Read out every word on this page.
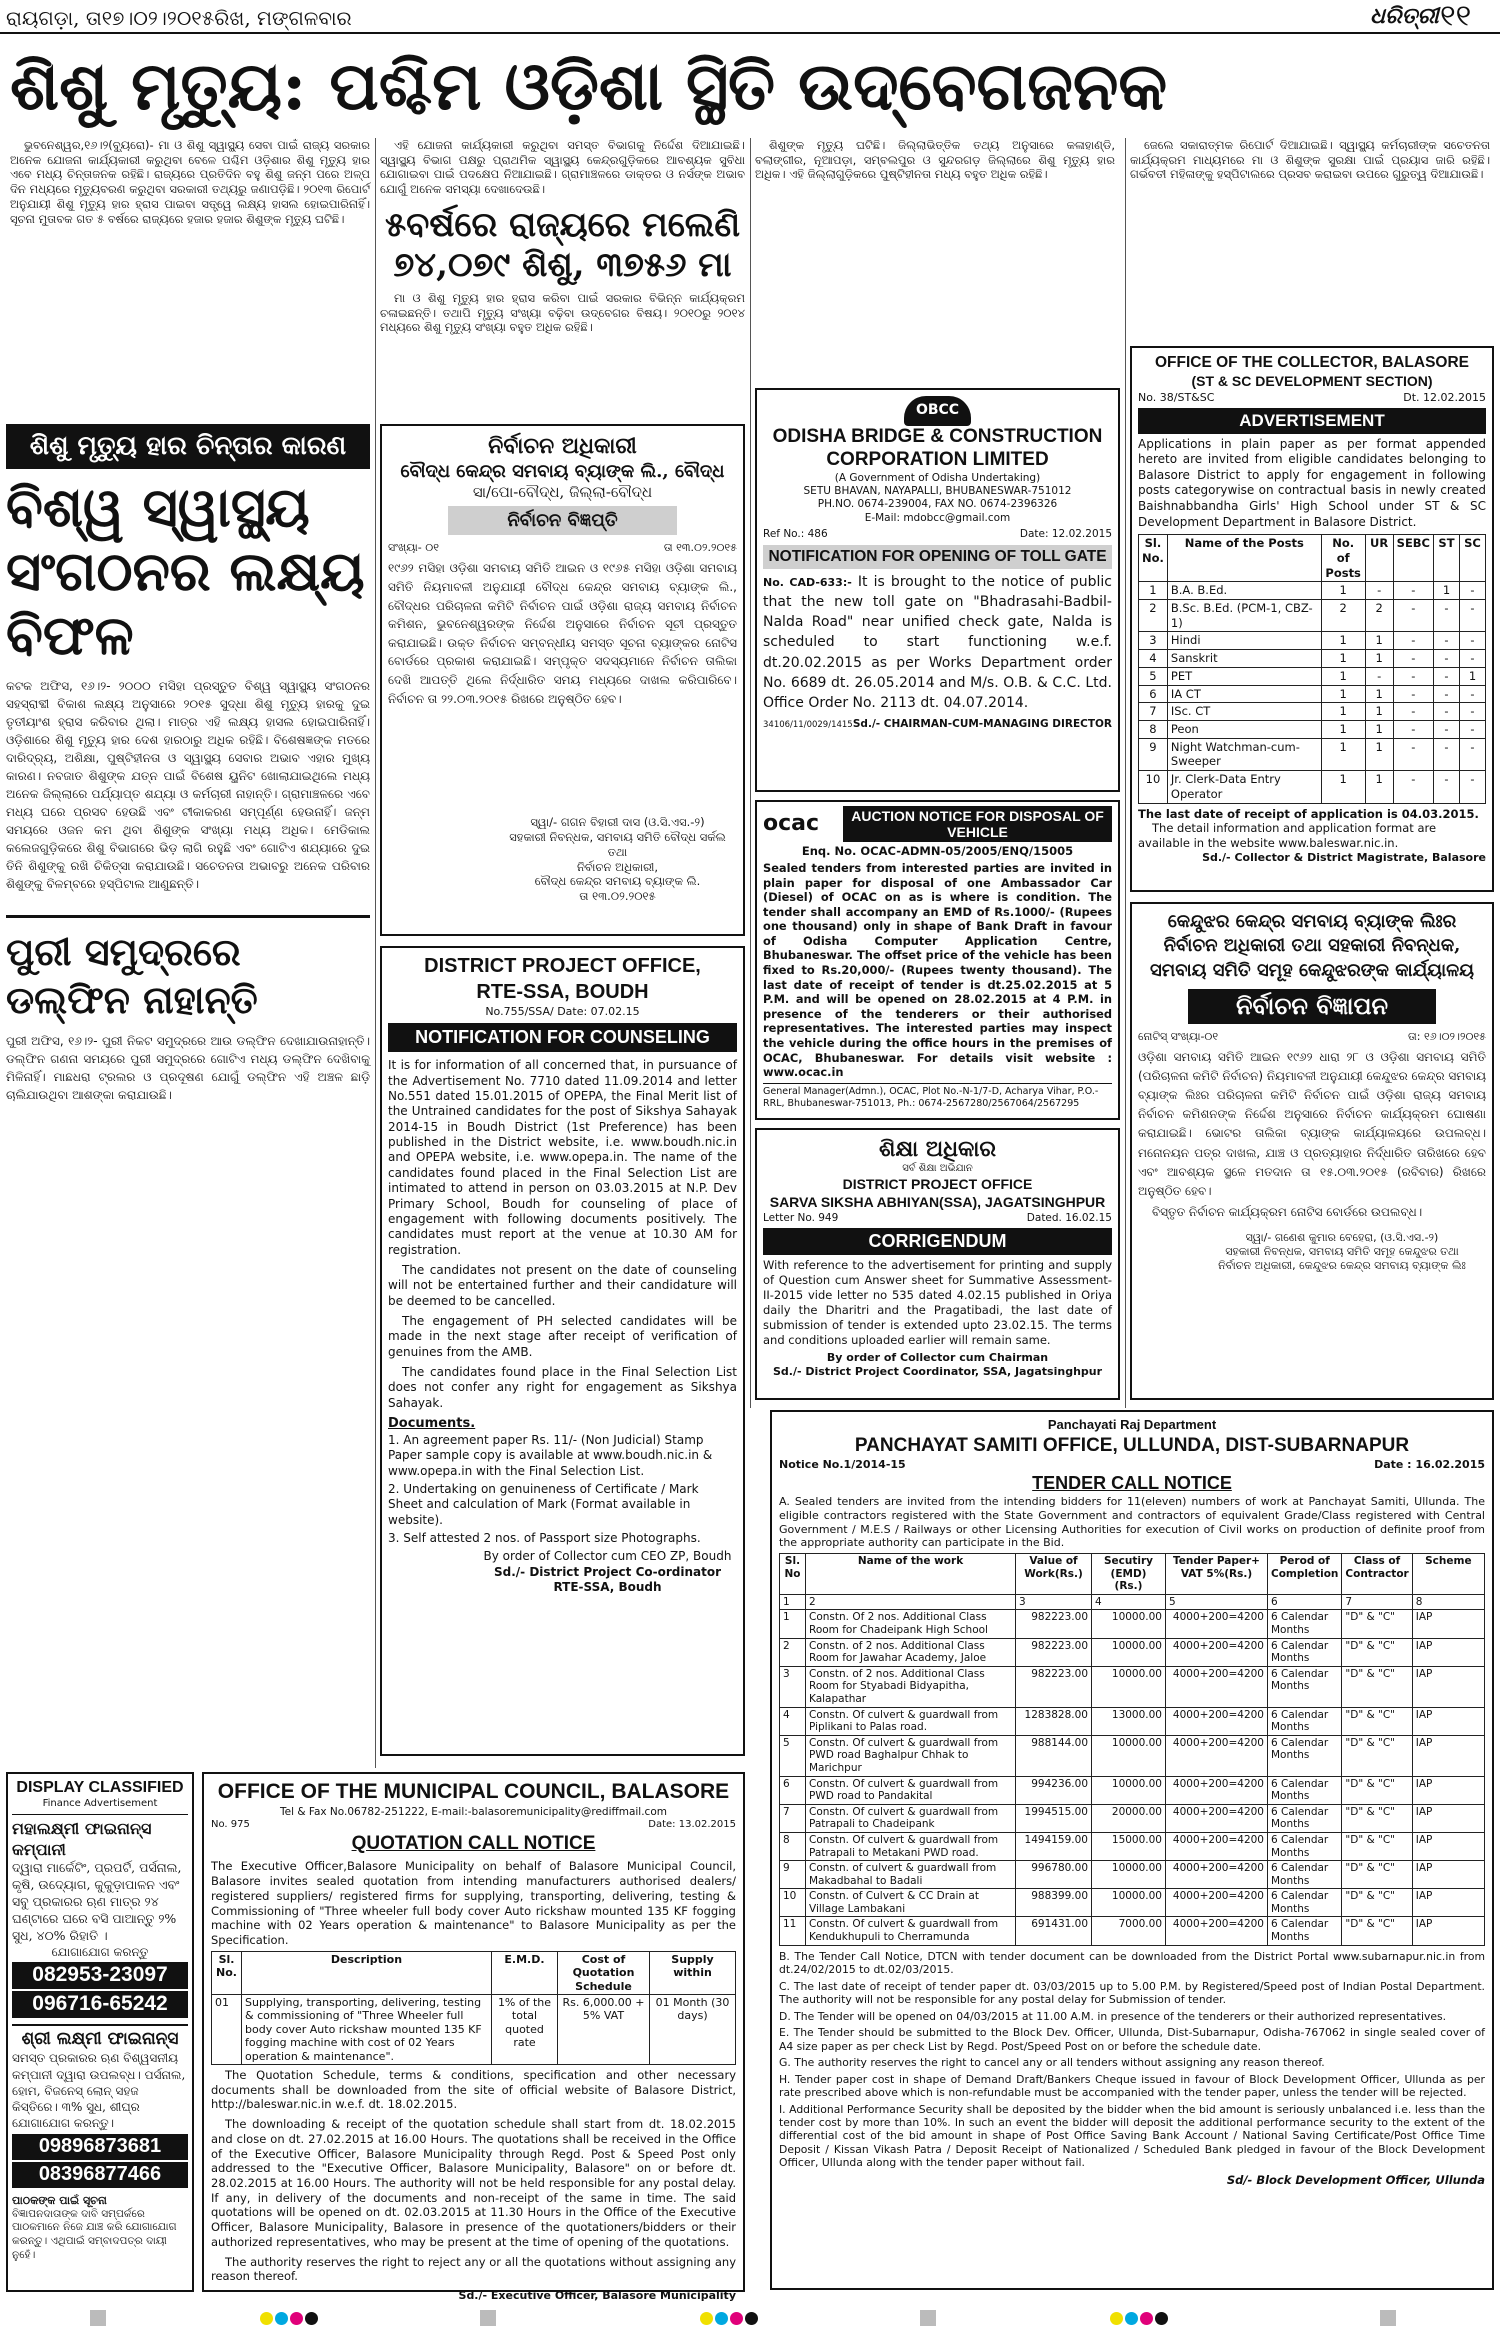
ରାୟଗଡ଼ା, ତା୧୭।୦୨।୨୦୧୫ରିଖ, ମଙ୍ଗଳବାର	ଧରିତ୍ରୀ ୧୧
ଶିଶୁ ମୃତ୍ୟୁ: ପଶ୍ଚିମ ଓଡ଼ିଶା ସ୍ଥିତି ଉଦ୍‌ବେଗଜନକ

ଭୁବନେଶ୍ୱର,୧୬।୨(ବ୍ୟୁରୋ)- ମା ଓ ଶିଶୁ ସ୍ୱାସ୍ଥ୍ୟ ସେବା ପାଇଁ ରାଜ୍ୟ ସରକାର ଅନେକ ଯୋଜନା କାର୍ଯ୍ୟକାରୀ କରୁଥିବା ବେଳେ ପଶ୍ଚିମ ଓଡ଼ିଶାର ଶିଶୁ ମୃତ୍ୟୁ ହାର ଏବେ ମଧ୍ୟ ଚିନ୍ତାଜନକ ରହିଛି। ରାଜ୍ୟରେ ପ୍ରତିଦିନ ବହୁ ଶିଶୁ ଜନ୍ମ ପରେ ଅଳ୍ପ ଦିନ ମଧ୍ୟରେ ମୃତ୍ୟୁବରଣ କରୁଥିବା ସରକାରୀ ତଥ୍ୟରୁ ଜଣାପଡ଼ିଛି। ୨୦୧୩ ରିପୋର୍ଟ ଅନୁଯାୟୀ ଶିଶୁ ମୃତ୍ୟୁ ହାର ହ୍ରାସ ପାଇବା ସତ୍ତ୍ୱେ ଲକ୍ଷ୍ୟ ହାସଲ ହୋଇପାରିନାହିଁ। ସୂଚନା ମୁତାବକ ଗତ ୫ ବର୍ଷରେ ରାଜ୍ୟରେ ହଜାର ହଜାର ଶିଶୁଙ୍କ ମୃତ୍ୟୁ ଘଟିଛି।

ଏହି ଯୋଜନା କାର୍ଯ୍ୟକାରୀ କରୁଥିବା ସମସ୍ତ ବିଭାଗକୁ ନିର୍ଦ୍ଦେଶ ଦିଆଯାଇଛି। ସ୍ୱାସ୍ଥ୍ୟ ବିଭାଗ ପକ୍ଷରୁ ପ୍ରାଥମିକ ସ୍ୱାସ୍ଥ୍ୟ କେନ୍ଦ୍ରଗୁଡ଼ିକରେ ଆବଶ୍ୟକ ସୁବିଧା ଯୋଗାଇବା ପାଇଁ ପଦକ୍ଷେପ ନିଆଯାଇଛି। ଗ୍ରାମାଞ୍ଚଳରେ ଡାକ୍ତର ଓ ନର୍ସଙ୍କ ଅଭାବ ଯୋଗୁଁ ଅନେକ ସମସ୍ୟା ଦେଖାଦେଉଛି।

୫ବର୍ଷରେ ରାଜ୍ୟରେ ମଲେଣି ୭୪,୦୭୯ ଶିଶୁ, ୩୭୫୬ ମା

ମା ଓ ଶିଶୁ ମୃତ୍ୟୁ ହାର ହ୍ରାସ କରିବା ପାଇଁ ସରକାର ବିଭିନ୍ନ କାର୍ଯ୍ୟକ୍ରମ ଚଳାଇଛନ୍ତି। ତଥାପି ମୃତ୍ୟୁ ସଂଖ୍ୟା ବଢ଼ିବା ଉଦ୍‌ବେଗର ବିଷୟ। ୨୦୧୦ରୁ ୨୦୧୪ ମଧ୍ୟରେ ଶିଶୁ ମୃତ୍ୟୁ ସଂଖ୍ୟା ବହୁତ ଅଧିକ ରହିଛି।

ଶିଶୁଙ୍କ ମୃତ୍ୟୁ ଘଟିଛି। ଜିଲ୍ଲାଭିତ୍ତିକ ତଥ୍ୟ ଅନୁସାରେ କଳାହାଣ୍ଡି, ବଲାଙ୍ଗୀର, ନୂଆପଡ଼ା, ସମ୍ବଲପୁର ଓ ସୁନ୍ଦରଗଡ଼ ଜିଲ୍ଲାରେ ଶିଶୁ ମୃତ୍ୟୁ ହାର ଅଧିକ। ଏହି ଜିଲ୍ଲାଗୁଡ଼ିକରେ ପୁଷ୍ଟିହୀନତା ମଧ୍ୟ ବହୁତ ଅଧିକ ରହିଛି।

ଜେଲେ ସକାରାତ୍ମକ ରିପୋର୍ଟ ଦିଆଯାଇଛି। ସ୍ୱାସ୍ଥ୍ୟ କର୍ମଚାରୀଙ୍କ ସଚେତନତା କାର୍ଯ୍ୟକ୍ରମ ମାଧ୍ୟମରେ ମା ଓ ଶିଶୁଙ୍କ ସୁରକ୍ଷା ପାଇଁ ପ୍ରୟାସ ଜାରି ରହିଛି। ଗର୍ଭବତୀ ମହିଳାଙ୍କୁ ହସ୍ପିଟାଲରେ ପ୍ରସବ କରାଇବା ଉପରେ ଗୁରୁତ୍ୱ ଦିଆଯାଉଛି।

ଶିଶୁ ମୃତ୍ୟୁ ହାର ଚିନ୍ତାର କାରଣ
ବିଶ୍ୱ ସ୍ୱାସ୍ଥ୍ୟ ସଂଗଠନର ଲକ୍ଷ୍ୟ ବିଫଳ

କଟକ ଅଫିସ, ୧୬।୨- ୨୦୦୦ ମସିହା ପ୍ରସ୍ତୁତ ବିଶ୍ୱ ସ୍ୱାସ୍ଥ୍ୟ ସଂଗଠନର ସହସ୍ରାବ୍ଦୀ ବିକାଶ ଲକ୍ଷ୍ୟ ଅନୁସାରେ ୨୦୧୫ ସୁଦ୍ଧା ଶିଶୁ ମୃତ୍ୟୁ ହାରକୁ ଦୁଇ ତୃତୀୟାଂଶ ହ୍ରାସ କରିବାର ଥିଲା। ମାତ୍ର ଏହି ଲକ୍ଷ୍ୟ ହାସଲ ହୋଇପାରିନାହିଁ। ଓଡ଼ିଶାରେ ଶିଶୁ ମୃତ୍ୟୁ ହାର ଦେଶ ହାରଠାରୁ ଅଧିକ ରହିଛି। ବିଶେଷଜ୍ଞଙ୍କ ମତରେ ଦାରିଦ୍ର୍ୟ, ଅଶିକ୍ଷା, ପୁଷ୍ଟିହୀନତା ଓ ସ୍ୱାସ୍ଥ୍ୟ ସେବାର ଅଭାବ ଏହାର ମୁଖ୍ୟ କାରଣ। ନବଜାତ ଶିଶୁଙ୍କ ଯତ୍ନ ପାଇଁ ବିଶେଷ ୟୁନିଟ ଖୋଲାଯାଇଥିଲେ ମଧ୍ୟ ଅନେକ ଜିଲ୍ଲାରେ ପର୍ଯ୍ୟାପ୍ତ ଶଯ୍ୟା ଓ କର୍ମଚାରୀ ନାହାନ୍ତି। ଗ୍ରାମାଞ୍ଚଳରେ ଏବେ ମଧ୍ୟ ଘରେ ପ୍ରସବ ହେଉଛି ଏବଂ ଟୀକାକରଣ ସମ୍ପୂର୍ଣ୍ଣ ହେଉନାହିଁ। ଜନ୍ମ ସମୟରେ ଓଜନ କମ ଥିବା ଶିଶୁଙ୍କ ସଂଖ୍ୟା ମଧ୍ୟ ଅଧିକ। ମେଡିକାଲ କଲେଜଗୁଡ଼ିକରେ ଶିଶୁ ବିଭାଗରେ ଭିଡ଼ ଲାଗି ରହୁଛି ଏବଂ ଗୋଟିଏ ଶଯ୍ୟାରେ ଦୁଇ ତିନି ଶିଶୁଙ୍କୁ ରଖି ଚିକିତ୍ସା କରାଯାଉଛି। ସଚେତନତା ଅଭାବରୁ ଅନେକ ପରିବାର ଶିଶୁଙ୍କୁ ବିଳମ୍ବରେ ହସ୍ପିଟାଲ ଆଣୁଛନ୍ତି।

ପୁରୀ ସମୁଦ୍ରରେ ଡଲ୍‌ଫିନ ନାହାନ୍ତି

ପୁରୀ ଅଫିସ, ୧୬।୨- ପୁରୀ ନିକଟ ସମୁଦ୍ରରେ ଆଉ ଡଲ୍‌ଫିନ ଦେଖାଯାଉନାହାନ୍ତି। ଡଲ୍‌ଫିନ ଗଣନା ସମୟରେ ପୁରୀ ସମୁଦ୍ରରେ ଗୋଟିଏ ମଧ୍ୟ ଡଲ୍‌ଫିନ ଦେଖିବାକୁ ମିଳିନାହିଁ। ମାଛଧରା ଟ୍ରଲର ଓ ପ୍ରଦୂଷଣ ଯୋଗୁଁ ଡଲ୍‌ଫିନ ଏହି ଅଞ୍ଚଳ ଛାଡ଼ି ଚାଲିଯାଉଥିବା ଆଶଙ୍କା କରାଯାଉଛି।

ନିର୍ବାଚନ ଅଧିକାରୀ
ବୌଦ୍ଧ କେନ୍ଦ୍ର ସମବାୟ ବ୍ୟାଙ୍କ ଲି., ବୌଦ୍ଧ
ସା/ପୋ-ବୌଦ୍ଧ, ଜିଲ୍ଲା-ବୌଦ୍ଧ
ନିର୍ବାଚନ ବିଜ୍ଞପ୍ତି
ସଂଖ୍ୟା- ୦୧	ତା ୧୩.୦୨.୨୦୧୫

୧୯୬୨ ମସିହା ଓଡ଼ିଶା ସମବାୟ ସମିତି ଆଇନ ଓ ୧୯୬୫ ମସିହା ଓଡ଼ିଶା ସମବାୟ ସମିତି ନିୟମାବଳୀ ଅନୁଯାୟୀ ବୌଦ୍ଧ କେନ୍ଦ୍ର ସମବାୟ ବ୍ୟାଙ୍କ ଲି., ବୌଦ୍ଧର ପରିଚାଳନା କମିଟି ନିର୍ବାଚନ ପାଇଁ ଓଡ଼ିଶା ରାଜ୍ୟ ସମବାୟ ନିର୍ବାଚନ କମିଶନ, ଭୁବନେଶ୍ୱରଙ୍କ ନିର୍ଦ୍ଦେଶ ଅନୁସାରେ ନିର୍ବାଚନ ସୂଚୀ ପ୍ରସ୍ତୁତ କରାଯାଇଛି। ଉକ୍ତ ନିର୍ବାଚନ ସମ୍ବନ୍ଧୀୟ ସମସ୍ତ ସୂଚନା ବ୍ୟାଙ୍କର ନୋଟିସ ବୋର୍ଡରେ ପ୍ରକାଶ କରାଯାଇଛି। ସମ୍ପୃକ୍ତ ସଦସ୍ୟମାନେ ନିର୍ବାଚନ ତାଲିକା ଦେଖି ଆପତ୍ତି ଥିଲେ ନିର୍ଦ୍ଧାରିତ ସମୟ ମଧ୍ୟରେ ଦାଖଲ କରିପାରିବେ। ନିର୍ବାଚନ ତା ୨୨.୦୩.୨୦୧୫ ରିଖରେ ଅନୁଷ୍ଠିତ ହେବ।

ସ୍ୱା/- ଗଗନ ବିହାରୀ ଦାସ (ଓ.ସି.ଏସ.-୨)
ସହକାରୀ ନିବନ୍ଧକ, ସମବାୟ ସମିତି ବୌଦ୍ଧ ସର୍କଲ ତଥା
ନିର୍ବାଚନ ଅଧିକାରୀ,
ବୌଦ୍ଧ କେନ୍ଦ୍ର ସମବାୟ ବ୍ୟାଙ୍କ ଲି.
ତା ୧୩.୦୨.୨୦୧୫
DISTRICT PROJECT OFFICE,
RTE-SSA, BOUDH
No.755/SSA/ Date: 07.02.15
NOTIFICATION FOR COUNSELING

It is for information of all concerned that, in pursuance of the Advertisement No. 7710 dated 11.09.2014 and letter No.551 dated 15.01.2015 of OPEPA, the Final Merit list of the Untrained candidates for the post of Sikshya Sahayak 2014-15 in Boudh District (1st Preference) has been published in the District website, i.e. www.boudh.nic.in and OPEPA website, i.e. www.opepa.in. The name of the candidates found placed in the Final Selection List are intimated to attend in person on 03.03.2015 at N.P. Dev Primary School, Boudh for counseling of place of engagement with following documents positively. The candidates must report at the venue at 10.30 AM for registration.

The candidates not present on the date of counseling will not be entertained further and their candidature will be deemed to be cancelled.

The engagement of PH selected candidates will be made in the next stage after receipt of verification of genuines from the AMB.

The candidates found place in the Final Selection List does not confer any right for engagement as Sikshya Sahayak.

Documents.

1. An agreement paper Rs. 11/- (Non Judicial) Stamp Paper sample copy is available at www.boudh.nic.in & www.opepa.in with the Final Selection List.

2. Undertaking on genuineness of Certificate / Mark Sheet and calculation of Mark (Format available in website).

3. Self attested 2 nos. of Passport size Photographs.

By order of Collector cum CEO ZP, Boudh
Sd./- District Project Co-ordinator
RTE-SSA, Boudh
OBCC
ODISHA BRIDGE & CONSTRUCTION CORPORATION LIMITED
(A Government of Odisha Undertaking)
SETU BHAVAN, NAYAPALLI, BHUBANESWAR-751012
PH.NO. 0674-239004, FAX NO. 0674-2396326
E-Mail: mdobcc@gmail.com
Ref No.: 486	Date: 12.02.2015
NOTIFICATION FOR OPENING OF TOLL GATE

No. CAD-633:- It is brought to the notice of public that the new toll gate on "Bhadrasahi-Badbil-Nalda Road" near unified check gate, Nalda is scheduled to start functioning w.e.f. dt.20.02.2015 as per Works Department order No. 6689 dt. 26.05.2014 and M/s. O.B. & C.C. Ltd. Office Order No. 2113 dt. 04.07.2014.

34106/11/0029/1415 Sd./- CHAIRMAN-CUM-MANAGING DIRECTOR
ocac	AUCTION NOTICE FOR DISPOSAL OF VEHICLE
Enq. No. OCAC-ADMN-05/2005/ENQ/15005

Sealed tenders from interested parties are invited in plain paper for disposal of one Ambassador Car (Diesel) of OCAC on as is where is condition. The tender shall accompany an EMD of Rs.1000/- (Rupees one thousand) only in shape of Bank Draft in favour of Odisha Computer Application Centre, Bhubaneswar. The offset price of the vehicle has been fixed to Rs.20,000/- (Rupees twenty thousand). The last date of receipt of tender is dt.25.02.2015 at 5 P.M. and will be opened on 28.02.2015 at 4 P.M. in presence of the tenderers or their authorised representatives. The interested parties may inspect the vehicle during the office hours in the premises of OCAC, Bhubaneswar. For details visit website : www.ocac.in

General Manager(Admn.), OCAC, Plot No.-N-1/7-D, Acharya Vihar, P.O.-RRL, Bhubaneswar-751013, Ph.: 0674-2567280/2567064/2567295
ଶିକ୍ଷା ଅଧିକାର
ସର୍ବ ଶିକ୍ଷା ଅଭିଯାନ
DISTRICT PROJECT OFFICE
SARVA SIKSHA ABHIYAN(SSA), JAGATSINGHPUR
Letter No. 949	Dated. 16.02.15
CORRIGENDUM

With reference to the advertisement for printing and supply of Question cum Answer sheet for Summative Assessment-II-2015 vide letter no 535 dated 4.02.15 published in Oriya daily the Dharitri and the Pragatibadi, the last date of submission of tender is extended upto 23.02.15. The terms and conditions uploaded earlier will remain same.

By order of Collector cum Chairman
Sd./- District Project Coordinator, SSA, Jagatsinghpur
OFFICE OF THE COLLECTOR, BALASORE
(ST & SC DEVELOPMENT SECTION)
No. 38/ST&SC	Dt. 12.02.2015
ADVERTISEMENT

Applications in plain paper as per format appended hereto are invited from eligible candidates belonging to Balasore District to apply for engagement in following posts categorywise on contractual basis in newly created Baishnabbandha Girls' High School under ST & SC Development Department in Balasore District.

Sl. No.	Name of the Posts	No. of Posts	UR	SEBC	ST	SC
1	B.A. B.Ed.	1	-	-	1	-
2	B.Sc. B.Ed. (PCM-1, CBZ-1)	2	2	-	-	-
3	Hindi	1	1	-	-	-
4	Sanskrit	1	1	-	-	-
5	PET	1	-	-	-	1
6	IA CT	1	1	-	-	-
7	ISc. CT	1	1	-	-	-
8	Peon	1	1	-	-	-
9	Night Watchman-cum-Sweeper	1	1	-	-	-
10	Jr. Clerk-Data Entry Operator	1	1	-	-	-

The last date of receipt of application is 04.03.2015.

The detail information and application format are available in the website www.baleswar.nic.in.

Sd./- Collector & District Magistrate, Balasore

କେନ୍ଦୁଝର କେନ୍ଦ୍ର ସମବାୟ ବ୍ୟାଙ୍କ ଲିଃର ନିର୍ବାଚନ ଅଧିକାରୀ ତଥା ସହକାରୀ ନିବନ୍ଧକ, ସମବାୟ ସମିତି ସମୂହ କେନ୍ଦୁଝରଙ୍କ କାର୍ଯ୍ୟାଳୟ
ନିର୍ବାଚନ ବିଜ୍ଞାପନ
ନୋଟିସ୍ ସଂଖ୍ୟା-୦୧	ତା: ୧୬।୦୨।୨୦୧୫

ଓଡ଼ିଶା ସମବାୟ ସମିତି ଆଇନ ୧୯୬୨ ଧାରା ୨୮ ଓ ଓଡ଼ିଶା ସମବାୟ ସମିତି (ପରିଚାଳନା କମିଟି ନିର୍ବାଚନ) ନିୟମାବଳୀ ଅନୁଯାୟୀ କେନ୍ଦୁଝର କେନ୍ଦ୍ର ସମବାୟ ବ୍ୟାଙ୍କ ଲିଃର ପରିଚାଳନା କମିଟି ନିର୍ବାଚନ ପାଇଁ ଓଡ଼ିଶା ରାଜ୍ୟ ସମବାୟ ନିର୍ବାଚନ କମିଶନଙ୍କ ନିର୍ଦ୍ଦେଶ ଅନୁସାରେ ନିର୍ବାଚନ କାର୍ଯ୍ୟକ୍ରମ ଘୋଷଣା କରାଯାଇଛି। ଭୋଟର ତାଲିକା ବ୍ୟାଙ୍କ କାର୍ଯ୍ୟାଳୟରେ ଉପଲବ୍ଧ। ମନୋନୟନ ପତ୍ର ଦାଖଲ, ଯାଞ୍ଚ ଓ ପ୍ରତ୍ୟାହାର ନିର୍ଦ୍ଧାରିତ ତାରିଖରେ ହେବ ଏବଂ ଆବଶ୍ୟକ ସ୍ଥଳେ ମତଦାନ ତା ୧୫.୦୩.୨୦୧୫ (ରବିବାର) ରିଖରେ ଅନୁଷ୍ଠିତ ହେବ।

ବିସ୍ତୃତ ନିର୍ବାଚନ କାର୍ଯ୍ୟକ୍ରମ ନୋଟିସ ବୋର୍ଡରେ ଉପଲବ୍ଧ।

ସ୍ୱା/- ଗଣେଶ କୁମାର ବେହେରା, (ଓ.ସି.ଏସ.-୨)
ସହକାରୀ ନିବନ୍ଧକ, ସମବାୟ ସମିତି ସମୂହ କେନ୍ଦୁଝର ତଥା
ନିର୍ବାଚନ ଅଧିକାରୀ, କେନ୍ଦୁଝର କେନ୍ଦ୍ର ସମବାୟ ବ୍ୟାଙ୍କ ଲିଃ
Panchayati Raj Department
PANCHAYAT SAMITI OFFICE, ULLUNDA, DIST-SUBARNAPUR
Notice No.1/2014-15	Date : 16.02.2015
TENDER CALL NOTICE

A. Sealed tenders are invited from the intending bidders for 11(eleven) numbers of work at Panchayat Samiti, Ullunda. The eligible contractors registered with the State Government and contractors of equivalent Grade/Class registered with Central Government / M.E.S / Railways or other Licensing Authorities for execution of Civil works on production of definite proof from the appropriate authority can participate in the Bid.

Sl. No	Name of the work	Value of Work(Rs.)	Secutiry (EMD) (Rs.)	Tender Paper+ VAT 5%(Rs.)	Perod of Completion	Class of Contractor	Scheme
1	2	3	4	5	6	7	8
1	Constn. Of 2 nos. Additional Class Room for Chadeipank High School	982223.00	10000.00	4000+200=4200	6 Calendar Months	"D" & "C"	IAP
2	Constn. of 2 nos. Additional Class Room for Jawahar Academy, Jaloe	982223.00	10000.00	4000+200=4200	6 Calendar Months	"D" & "C"	IAP
3	Constn. of 2 nos. Additional Class Room for Styabadi Bidyapitha, Kalapathar	982223.00	10000.00	4000+200=4200	6 Calendar Months	"D" & "C"	IAP
4	Constn. Of culvert & guardwall from Piplikani to Palas road.	1283828.00	13000.00	4000+200=4200	6 Calendar Months	"D" & "C"	IAP
5	Constn. Of culvert & guardwall from PWD road Baghalpur Chhak to Marichpur	988144.00	10000.00	4000+200=4200	6 Calendar Months	"D" & "C"	IAP
6	Constn. Of culvert & guardwall from PWD road to Pandakital	994236.00	10000.00	4000+200=4200	6 Calendar Months	"D" & "C"	IAP
7	Constn. Of culvert & guardwall from Patrapali to Chadeipank	1994515.00	20000.00	4000+200=4200	6 Calendar Months	"D" & "C"	IAP
8	Constn. Of culvert & guardwall from Patrapali to Metakani PWD road.	1494159.00	15000.00	4000+200=4200	6 Calendar Months	"D" & "C"	IAP
9	Constn. of culvert & guardwall from Makadbahal to Badali	996780.00	10000.00	4000+200=4200	6 Calendar Months	"D" & "C"	IAP
10	Constn. of Culvert & CC Drain at Village Lambakani	988399.00	10000.00	4000+200=4200	6 Calendar Months	"D" & "C"	IAP
11	Constn. Of culvert & guardwall from Kendukhupuli to Cherramunda	691431.00	7000.00	4000+200=4200	6 Calendar Months	"D" & "C"	IAP
B. The Tender Call Notice, DTCN with tender document can be downloaded from the District Portal www.subarnapur.nic.in from dt.24/02/2015 to dt.02/03/2015.
C. The last date of receipt of tender paper dt. 03/03/2015 up to 5.00 P.M. by Registered/Speed post of Indian Postal Department. The authority will not be responsible for any postal delay for Submission of tender.
D. The Tender will be opened on 04/03/2015 at 11.00 A.M. in presence of the tenderers or their authorized representatives.
E. The Tender should be submitted to the Block Dev. Officer, Ullunda, Dist-Subarnapur, Odisha-767062 in single sealed cover of A4 size paper as per check List by Regd. Post/Speed Post on or before the schedule date.
G. The authority reserves the right to cancel any or all tenders without assigning any reason thereof.
H. Tender paper cost in shape of Demand Draft/Bankers Cheque issued in favour of Block Development Officer, Ullunda as per rate prescribed above which is non-refundable must be accompanied with the tender paper, unless the tender will be rejected.
I. Additional Performance Security shall be deposited by the bidder when the bid amount is seriously unbalanced i.e. less than the tender cost by more than 10%. In such an event the bidder will deposit the additional performance security to the extent of the differential cost of the bid amount in shape of Post Office Saving Bank Account / National Saving Certificate/Post Office Time Deposit / Kissan Vikash Patra / Deposit Receipt of Nationalized / Scheduled Bank pledged in favour of the Block Development Officer, Ullunda along with the tender paper without fail.
Sd/- Block Development Officer, Ullunda
DISPLAY CLASSIFIED
Finance Advertisement
ମହାଲକ୍ଷ୍ମୀ ଫାଇନାନ୍ସ କମ୍ପାନୀ

ଦ୍ୱାରା ମାର୍କେଟିଂ, ପ୍ରପର୍ଟି, ପର୍ସନାଲ, କୃଷି, ଉଦ୍ୟୋଗ, କୁକୁଡ଼ାପାଳନ ଏବଂ ସବୁ ପ୍ରକାରର ଋଣ ମାତ୍ର ୨୪ ଘଣ୍ଟାରେ ଘରେ ବସି ପାଆନ୍ତୁ ୨% ସୁଧ, ୪୦% ରିହାତି ।

ଯୋଗାଯୋଗ କରନ୍ତୁ
082953-23097
096716-65242
ଶ୍ରୀ ଲକ୍ଷ୍ମୀ ଫାଇନାନ୍ସ

ସମସ୍ତ ପ୍ରକାରର ଋଣ ବିଶ୍ୱସନୀୟ କମ୍ପାନୀ ଦ୍ୱାରା ଉପଲବ୍ଧ। ପର୍ସନାଲ, ହୋମ, ବିଜନେସ୍ ଲୋନ୍ ସହଜ କିସ୍ତିରେ। ୩% ସୁଧ, ଶୀଘ୍ର ଯୋଗାଯୋଗ କରନ୍ତୁ।

09896873681
08396877466
ପାଠକଙ୍କ ପାଇଁ ସୂଚନା

ବିଜ୍ଞାପନଦାତାଙ୍କ ଦାବି ସମ୍ପର୍କରେ ପାଠକମାନେ ନିଜେ ଯାଞ୍ଚ କରି ଯୋଗାଯୋଗ କରନ୍ତୁ। ଏଥିପାଇଁ ସମ୍ବାଦପତ୍ର ଦାୟୀ ନୁହେଁ।

OFFICE OF THE MUNICIPAL COUNCIL, BALASORE
Tel & Fax No.06782-251222, E-mail:-balasoremunicipality@rediffmail.com
No. 975	Date: 13.02.2015
QUOTATION CALL NOTICE

The Executive Officer,Balasore Municipality on behalf of Balasore Municipal Council, Balasore invites sealed quotation from intending manufacturers authorised dealers/ registered suppliers/ registered firms for supplying, transporting, delivering, testing & Commissioning of "Three wheeler full body cover Auto rickshaw mounted 135 KF fogging machine with 02 Years operation & maintenance" to Balasore Municipality as per the Specification.

Sl. No.	Description	E.M.D.	Cost of Quotation Schedule	Supply within
01	Supplying, transporting, delivering, testing & commissioning of "Three Wheeler full body cover Auto rickshaw mounted 135 KF fogging machine with cost of 02 Years operation & maintenance".	1% of the total quoted rate	Rs. 6,000.00 + 5% VAT	01 Month (30 days)

The Quotation Schedule, terms & conditions, specification and other necessary documents shall be downloaded from the site of official website of Balasore District, http://baleswar.nic.in w.e.f. dt. 18.02.2015.

The downloading & receipt of the quotation schedule shall start from dt. 18.02.2015 and close on dt. 27.02.2015 at 16.00 Hours. The quotations shall be received in the Office of the Executive Officer, Balasore Municipality through Regd. Post & Speed Post only addressed to the "Executive Officer, Balasore Municipality, Balasore" on or before dt. 28.02.2015 at 16.00 Hours. The authority will not be held responsible for any postal delay. If any, in delivery of the documents and non-receipt of the same in time. The said quotations will be opened on dt. 02.03.2015 at 11.30 Hours in the Office of the Executive Officer, Balasore Municipality, Balasore in presence of the quotationers/bidders or their authorized representatives, who may be present at the time of opening of the quotations.

The authority reserves the right to reject any or all the quotations without assigning any reason thereof.

Sd./- Executive Officer, Balasore Municipality
